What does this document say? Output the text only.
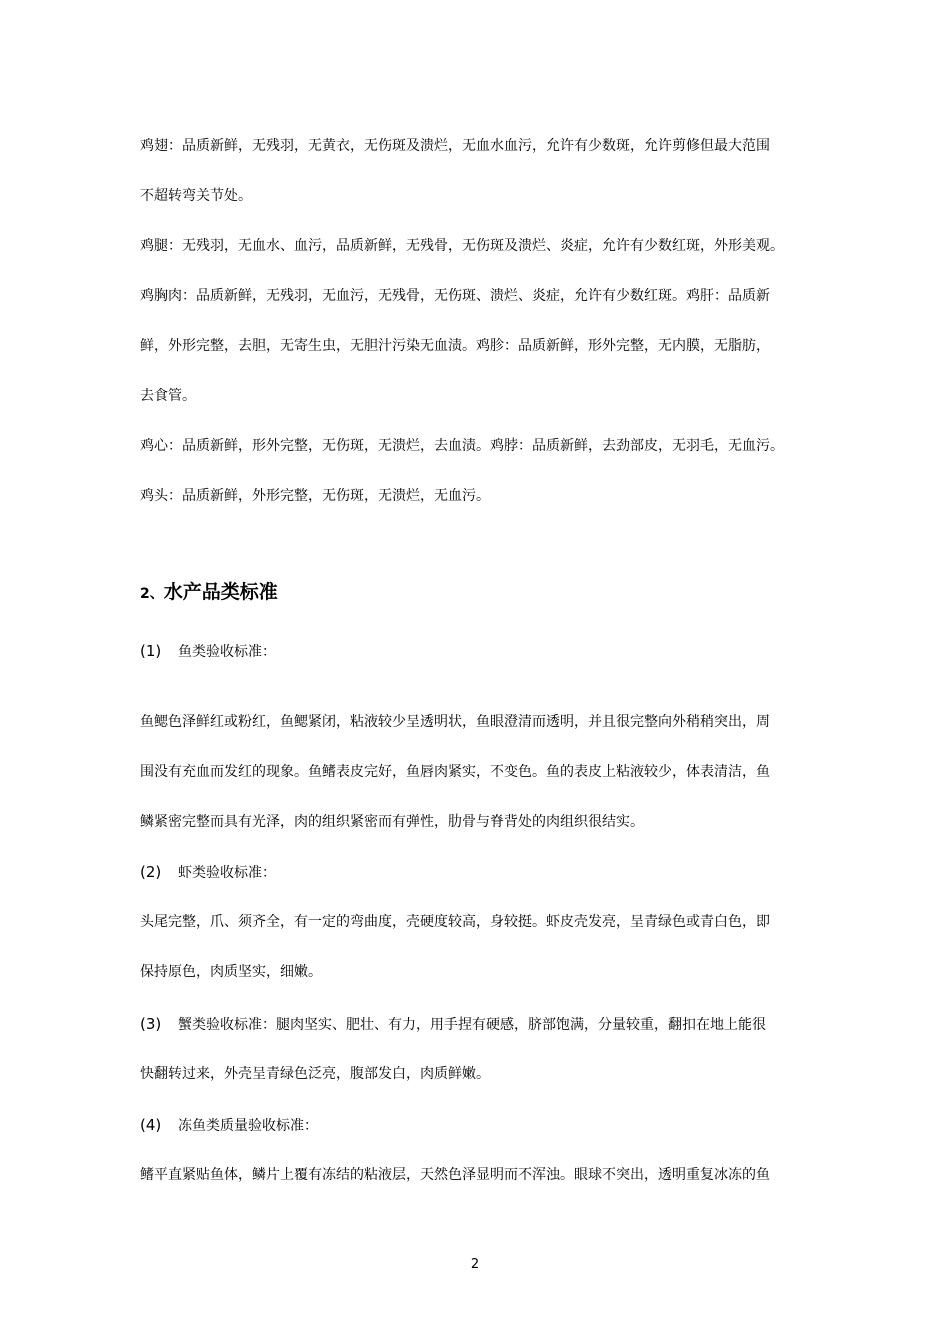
鸡翅：品质新鲜，无残羽，无黄衣，无伤斑及溃烂，无血水血污，允许有少数斑，允许剪修但最大范围
不超转弯关节处。
鸡腿：无残羽，无血水、血污，品质新鲜，无残骨，无伤斑及溃烂、炎症，允许有少数红斑，外形美观。
鸡胸肉：品质新鲜，无残羽，无血污，无残骨，无伤斑、溃烂、炎症，允许有少数红斑。鸡肝：品质新
鲜，外形完整，去胆，无寄生虫，无胆汁污染无血渍。鸡胗：品质新鲜，形外完整，无内膜，无脂肪，
去食管。
鸡心：品质新鲜，形外完整，无伤斑，无溃烂，去血渍。鸡脖：品质新鲜，去劲部皮，无羽毛，无血污。
鸡头：品质新鲜，外形完整，无伤斑，无溃烂，无血污。
2、水产品类标准
(1) 鱼类验收标准：
鱼鳃色泽鲜红或粉红，鱼鳃紧闭，粘液较少呈透明状，鱼眼澄清而透明，并且很完整向外稍稍突出，周
围没有充血而发红的现象。鱼鳍表皮完好，鱼唇肉紧实，不变色。鱼的表皮上粘液较少，体表清洁，鱼
鳞紧密完整而具有光泽，肉的组织紧密而有弹性，肋骨与脊背处的肉组织很结实。
(2) 虾类验收标准：
头尾完整，爪、须齐全，有一定的弯曲度，壳硬度较高，身较挺。虾皮壳发亮，呈青绿色或青白色，即
保持原色，肉质坚实，细嫩。
(3) 蟹类验收标准：腿肉坚实、肥壮、有力，用手捏有硬感，脐部饱满，分量较重，翻扣在地上能很
快翻转过来，外壳呈青绿色泛亮，腹部发白，肉质鲜嫩。
(4) 冻鱼类质量验收标准：
鳍平直紧贴鱼体，鳞片上覆有冻结的粘液层，天然色泽显明而不浑浊。眼球不突出，透明重复冰冻的鱼
2
